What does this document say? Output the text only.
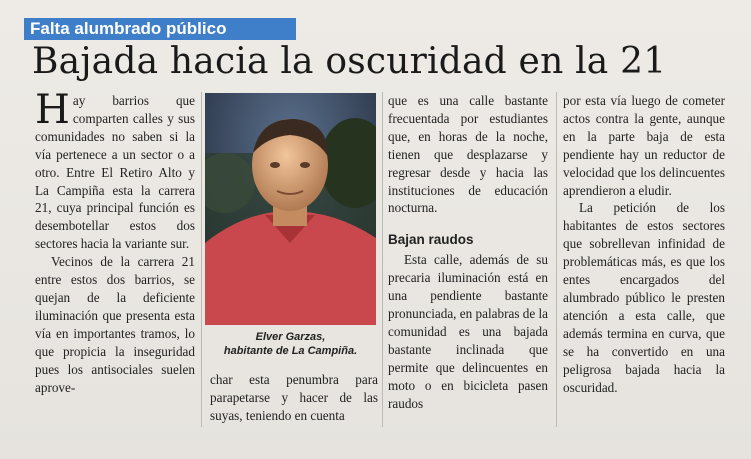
Falta alumbrado público
Bajada hacia la oscuridad en la 21

Hay barrios que comparten calles y sus comunidades no saben si la vía pertenece a un sector o a otro. Entre El Retiro Alto y La Campiña esta la carrera 21, cuya principal función es desembotellar estos dos sectores hacia la variante sur.

Vecinos de la carrera 21 entre estos dos barrios, se quejan de la deficiente iluminación que presenta esta vía en importantes tramos, lo que propicia la inseguridad pues los antisociales suelen aprove-

Elver Garzas,
habitante de La Campiña.

char esta penumbra para parapetarse y hacer de las suyas, teniendo en cuenta

que es una calle bastante frecuentada por estudiantes que, en horas de la noche, tienen que desplazarse y regresar desde y hacia las instituciones de educación nocturna.

Bajan raudos

Esta calle, además de su precaria iluminación está en una pendiente bastante pronunciada, en palabras de la comunidad es una bajada bastante inclinada que permite que delincuentes en moto o en bicicleta pasen raudos

por esta vía luego de cometer actos contra la gente, aunque en la parte baja de esta pendiente hay un reductor de velocidad que los delincuentes aprendieron a eludir.

La petición de los habitantes de estos sectores que sobrellevan infinidad de problemáticas más, es que los entes encargados del alumbrado público le presten atención a esta calle, que además termina en curva, que se ha convertido en una peligrosa bajada hacia la oscuridad.
